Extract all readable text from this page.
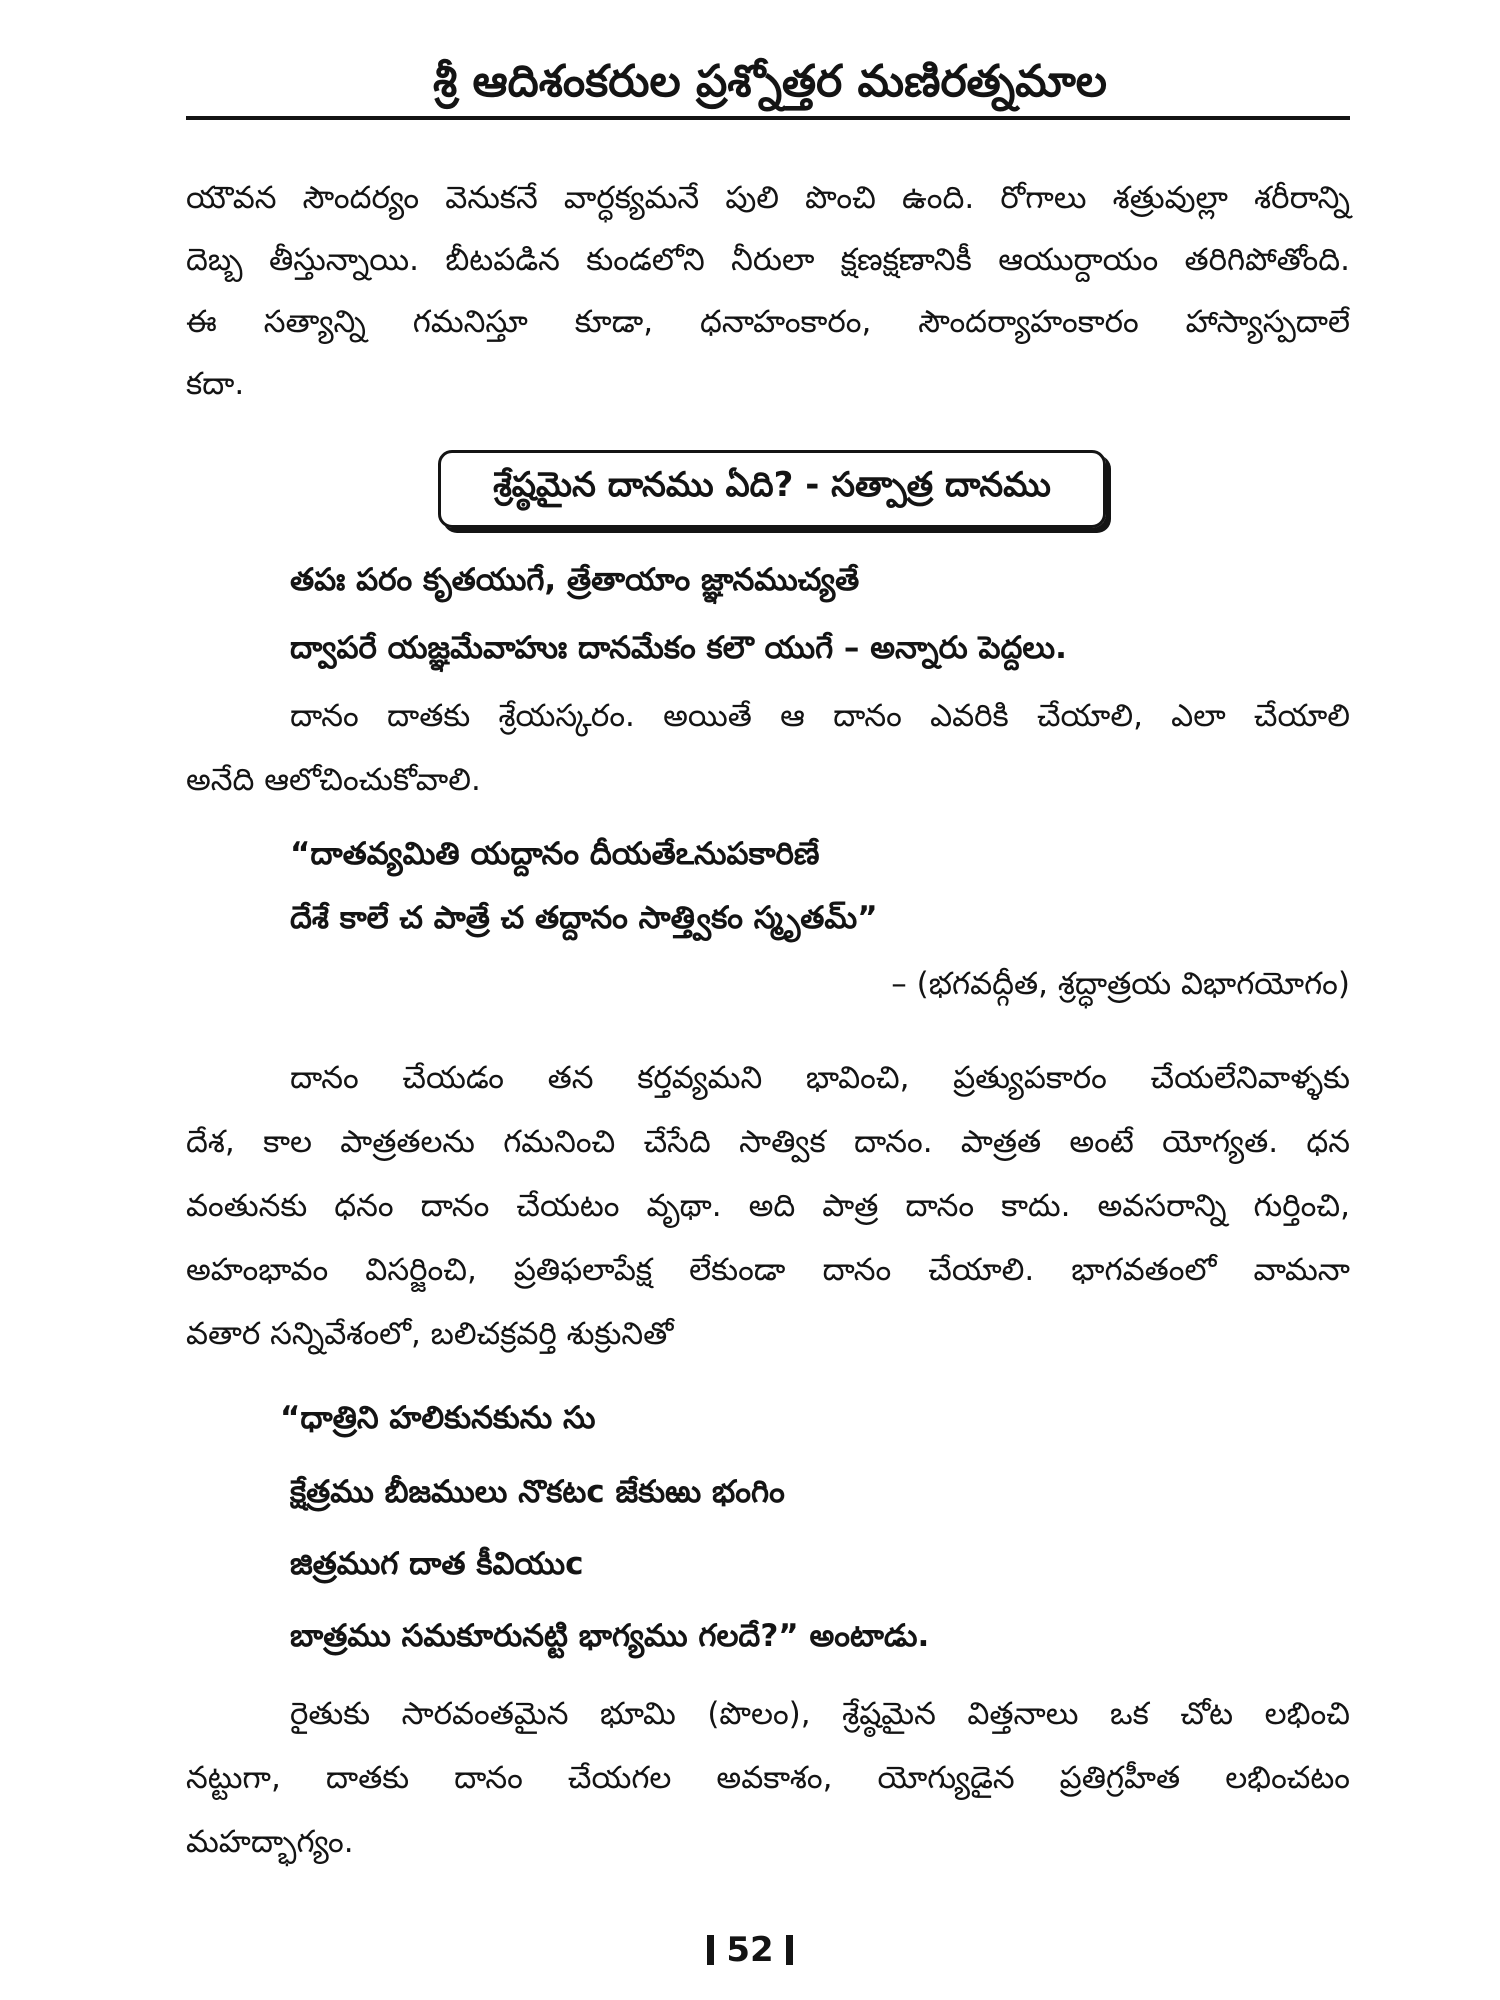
శ్రీ ఆదిశంకరుల ప్రశ్నోత్తర మణిరత్నమాల
యౌవన సౌందర్యం వెనుకనే వార్ధక్యమనే పులి పొంచి ఉంది. రోగాలు శత్రువుల్లా శరీరాన్ని
దెబ్బ తీస్తున్నాయి. బీటపడిన కుండలోని నీరులా క్షణక్షణానికీ ఆయుర్దాయం తరిగిపోతోంది.
ఈ సత్యాన్ని గమనిస్తూ కూడా, ధనాహంకారం, సౌందర్యాహంకారం హాస్యాస్పదాలే
కదా.
శ్రేష్ఠమైన దానము ఏది? - సత్పాత్ర దానము
తపః పరం కృతయుగే, త్రేతాయాం జ్ఞానముచ్యతే
ద్వాపరే యజ్ఞమేవాహుః దానమేకం కలౌ యుగే – అన్నారు పెద్దలు.
దానం దాతకు శ్రేయస్కరం. అయితే ఆ దానం ఎవరికి చేయాలి, ఎలా చేయాలి
అనేది ఆలోచించుకోవాలి.
“దాతవ్యమితి యద్దానం దీయతేఽనుపకారిణే
దేశే కాలే చ పాత్రే చ తద్దానం సాత్త్వికం స్మృతమ్”
– (భగవద్గీత, శ్రద్ధాత్రయ విభాగయోగం)
దానం చేయడం తన కర్తవ్యమని భావించి, ప్రత్యుపకారం చేయలేనివాళ్ళకు
దేశ, కాల పాత్రతలను గమనించి చేసేది సాత్విక దానం. పాత్రత అంటే యోగ్యత. ధన
వంతునకు ధనం దానం చేయటం వృథా. అది పాత్ర దానం కాదు. అవసరాన్ని గుర్తించి,
అహంభావం విసర్జించి, ప్రతిఫలాపేక్ష లేకుండా దానం చేయాలి. భాగవతంలో వామనా
వతార సన్నివేశంలో, బలిచక్రవర్తి శుక్రునితో
“ధాత్రిని హలికునకును సు
క్షేత్రము బీజములు నొకటc జేకుఱు భంగిం
జిత్రముగ దాత కీవియుc
బాత్రము సమకూరునట్టి భాగ్యము గలదే?” అంటాడు.
రైతుకు సారవంతమైన భూమి (పొలం), శ్రేష్ఠమైన విత్తనాలు ఒక చోట లభించి
నట్టుగా, దాతకు దానం చేయగల అవకాశం, యోగ్యుడైన ప్రతిగ్రహీత లభించటం
మహద్భాగ్యం.
52
